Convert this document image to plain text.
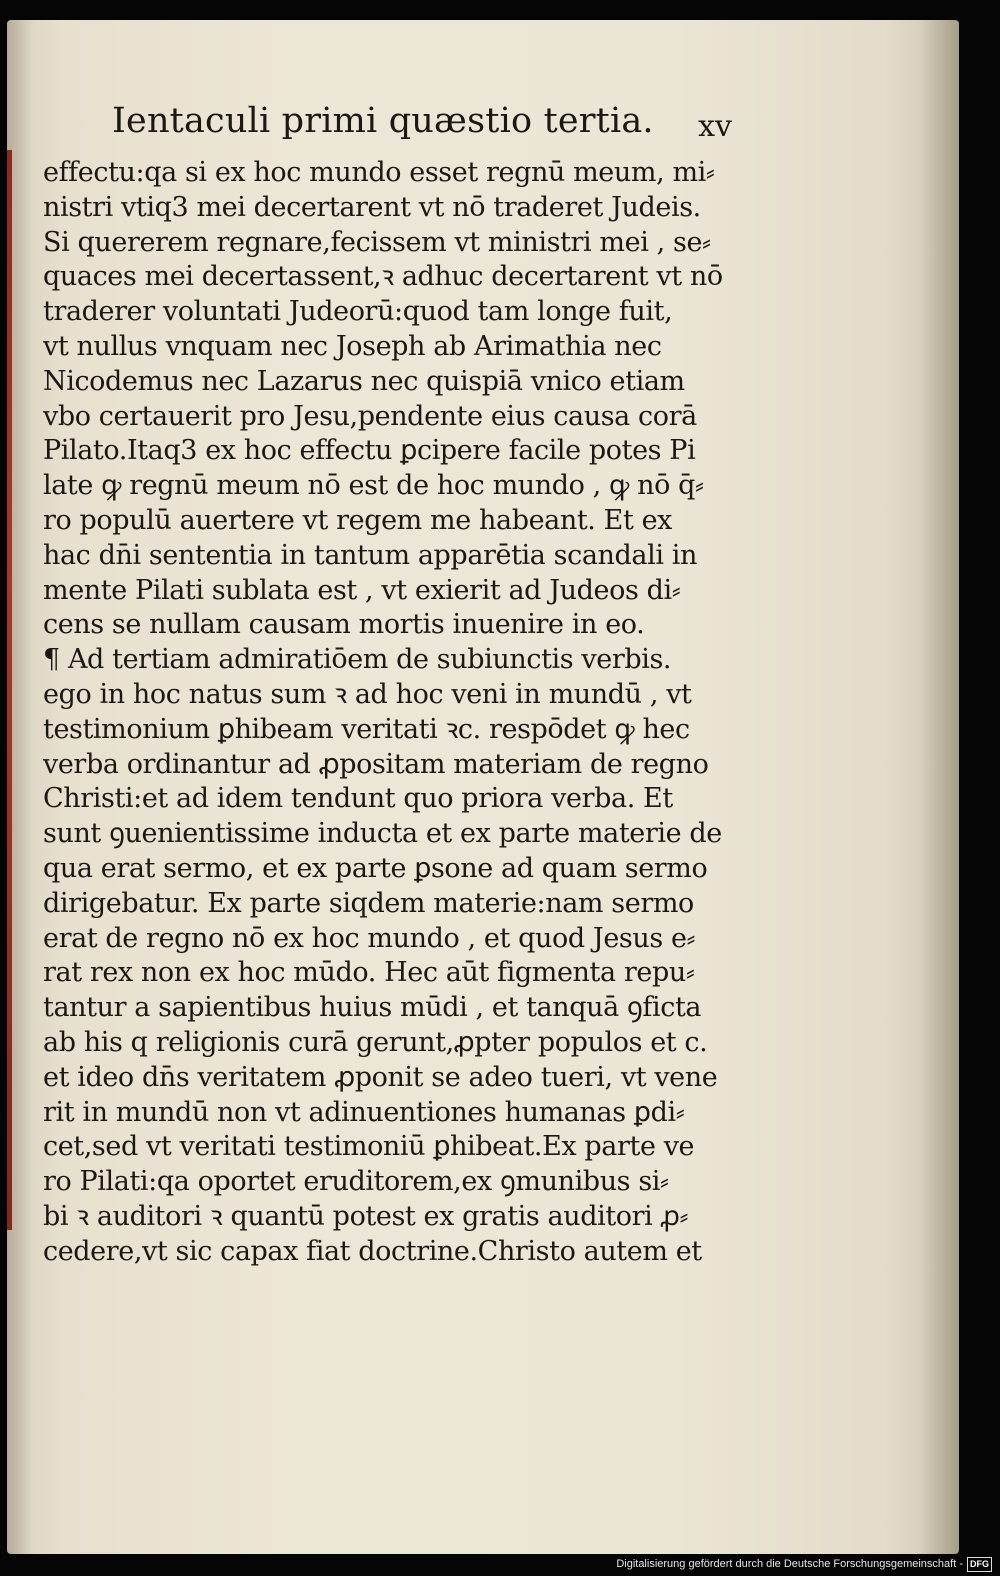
Ientaculi primi quæstio tertia. xv
effectu:qa si ex hoc mundo esset regnū meum, mi⸗
nistri vtiq3 mei decertarent vt nō traderet Judeis.
Si quererem regnare,fecissem vt ministri mei , se⸗
quaces mei decertassent,ꝛ adhuc decertarent vt nō
traderer voluntati Judeorū:quod tam longe fuit,
vt nullus vnquam nec Joseph ab Arimathia nec
Nicodemus nec Lazarus nec quispiā vnico etiam
vbo certauerit pro Jesu,pendente eius causa corā
Pilato.Itaq3 ex hoc effectu ꝑcipere facile potes Pi
late ꝙ regnū meum nō est de hoc mundo , ꝙ nō q̄⸗
ro populū auertere vt regem me habeant. Et ex
hac dn̄i sententia in tantum apparētia scandali in
mente Pilati sublata est , vt exierit ad Judeos di⸗
cens se nullam causam mortis inuenire in eo.
¶ Ad tertiam admiratiōem de subiunctis verbis.
ego in hoc natus sum ꝛ ad hoc veni in mundū , vt
testimonium ꝑhibeam veritati ꝛc. respōdet ꝙ hec
verba ordinantur ad ꝓpositam materiam de regno
Christi:et ad idem tendunt quo priora verba. Et
sunt ꝯuenientissime inducta et ex parte materie de
qua erat sermo, et ex parte ꝑsone ad quam sermo
dirigebatur. Ex parte siqdem materie:nam sermo
erat de regno nō ex hoc mundo , et quod Jesus e⸗
rat rex non ex hoc mūdo. Hec aūt figmenta repu⸗
tantur a sapientibus huius mūdi , et tanquā ꝯficta
ab his q religionis curā gerunt,ꝓpter populos et c.
et ideo dn̄s veritatem ꝓponit se adeo tueri, vt vene
rit in mundū non vt adinuentiones humanas ꝑdi⸗
cet,sed vt veritati testimoniū ꝑhibeat.Ex parte ve
ro Pilati:qa oportet eruditorem,ex ꝯmunibus si⸗
bi ꝛ auditori ꝛ quantū potest ex gratis auditori ꝓ⸗
cedere,vt sic capax fiat doctrine.Christo autem et
Digitalisierung gefördert durch die Deutsche Forschungsgemeinschaft - DFG
